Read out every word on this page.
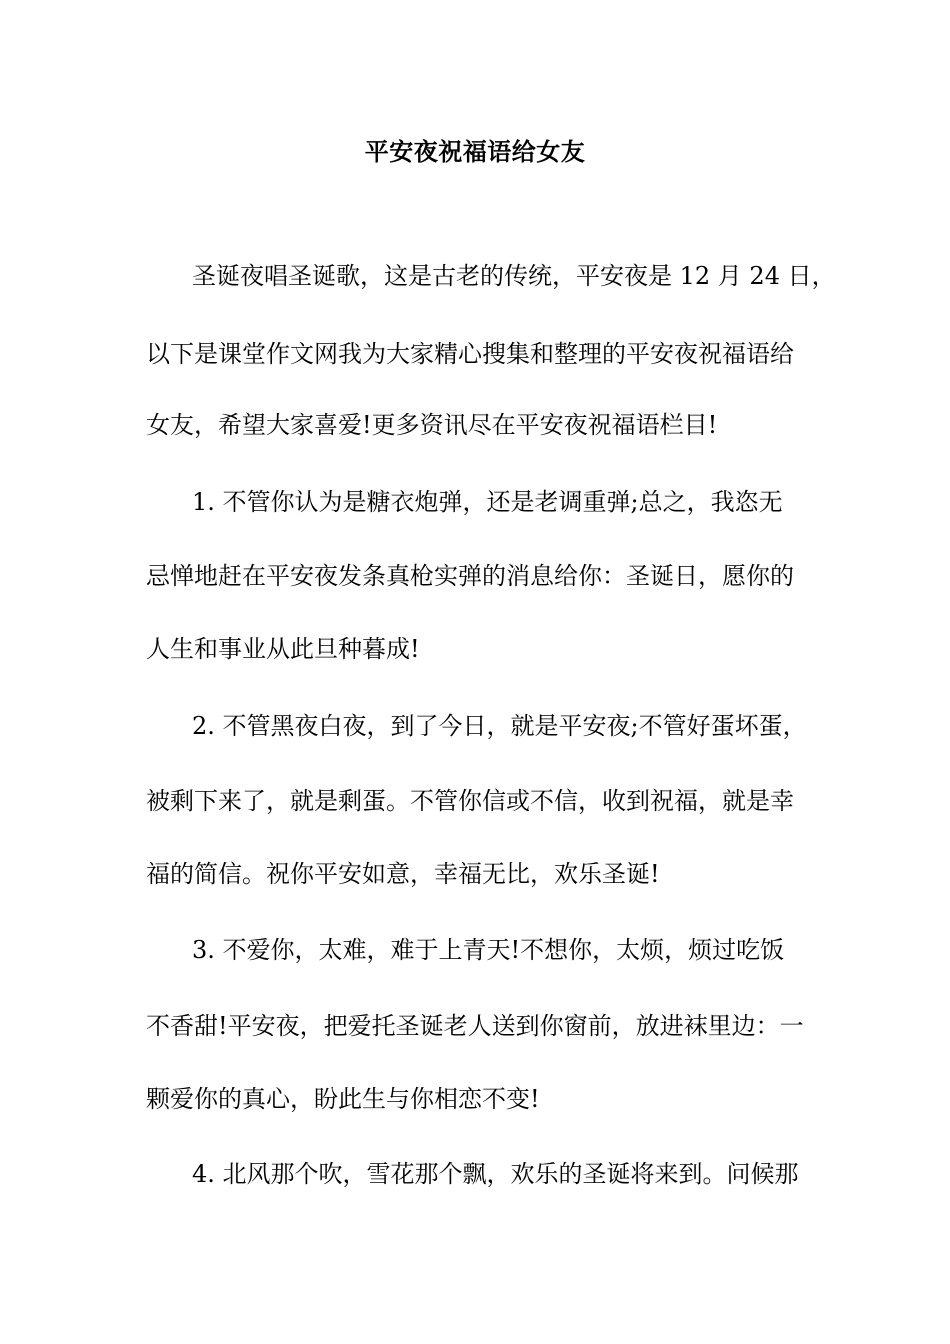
平安夜祝福语给女友
圣诞夜唱圣诞歌，这是古老的传统，平安夜是 12 月 24 日，
以下是课堂作文网我为大家精心搜集和整理的平安夜祝福语给
女友，希望大家喜爱!更多资讯尽在平安夜祝福语栏目!
1. 不管你认为是糖衣炮弹，还是老调重弹;总之，我恣无
忌惮地赶在平安夜发条真枪实弹的消息给你：圣诞日，愿你的
人生和事业从此旦种暮成!
2. 不管黑夜白夜，到了今日，就是平安夜;不管好蛋坏蛋，
被剩下来了，就是剩蛋。不管你信或不信，收到祝福，就是幸
福的简信。祝你平安如意，幸福无比，欢乐圣诞!
3. 不爱你，太难，难于上青天!不想你，太烦，烦过吃饭
不香甜!平安夜，把爱托圣诞老人送到你窗前，放进袜里边：一
颗爱你的真心，盼此生与你相恋不变!
4. 北风那个吹，雪花那个飘，欢乐的圣诞将来到。问候那
